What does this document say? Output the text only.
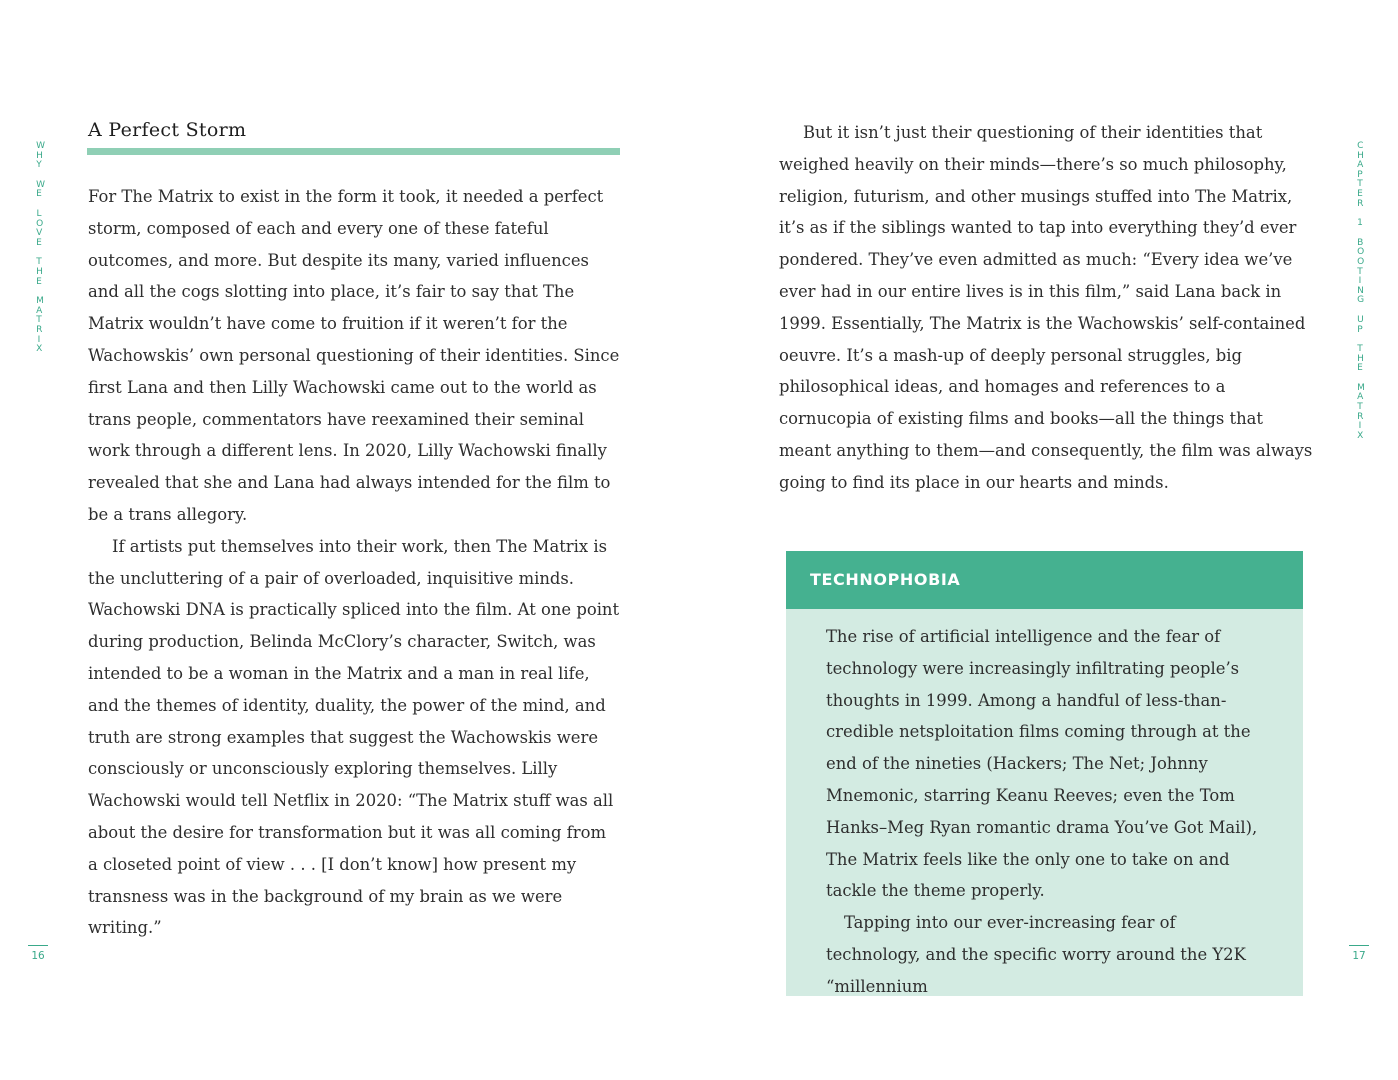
WHY
WE
LOVE
THE
MATRIX
CHAPTER
1
BOOTING
UP
THE
MATRIX
16	17
A Perfect Storm

For The Matrix to exist in the form it took, it needed a perfect storm, composed of each and every one of these fateful outcomes, and more. But despite its many, varied influences and all the cogs slotting into place, it’s fair to say that The Matrix wouldn’t have come to fruition if it weren’t for the Wachowskis’ own personal questioning of their identities. Since first Lana and then Lilly Wachowski came out to the world as trans people, commentators have reexamined their seminal work through a different lens. In 2020, Lilly Wachowski finally revealed that she and Lana had always intended for the film to be a trans allegory.

If artists put themselves into their work, then The Matrix is the uncluttering of a pair of overloaded, inquisitive minds. Wachowski DNA is practically spliced into the film. At one point during production, Belinda McClory’s character, Switch, was intended to be a woman in the Matrix and a man in real life, and the themes of identity, duality, the power of the mind, and truth are strong examples that suggest the Wachowskis were consciously or unconsciously exploring themselves. Lilly Wachowski would tell Netflix in 2020: “The Matrix stuff was all about the desire for transformation but it was all coming from a closeted point of view . . . [I don’t know] how present my transness was in the background of my brain as we were writing.”

But it isn’t just their questioning of their identities that weighed heavily on their minds—there’s so much philosophy, religion, futurism, and other musings stuffed into The Matrix, it’s as if the siblings wanted to tap into everything they’d ever pondered. They’ve even admitted as much: “Every idea we’ve ever had in our entire lives is in this film,” said Lana back in 1999. Essentially, The Matrix is the Wachowskis’ self-contained oeuvre. It’s a mash-up of deeply personal struggles, big philosophical ideas, and homages and references to a cornucopia of existing films and books—all the things that meant anything to them—and consequently, the film was always going to find its place in our hearts and minds.

TECHNOPHOBIA

The rise of artificial intelligence and the fear of technology were increasingly infiltrating people’s thoughts in 1999. Among a handful of less-than-credible netsploitation films coming through at the end of the nineties (Hackers; The Net; Johnny Mnemonic, starring Keanu Reeves; even the Tom Hanks–Meg Ryan romantic drama You’ve Got Mail), The Matrix feels like the only one to take on and tackle the theme properly.

Tapping into our ever-increasing fear of technology, and the specific worry around the Y2K “millennium
